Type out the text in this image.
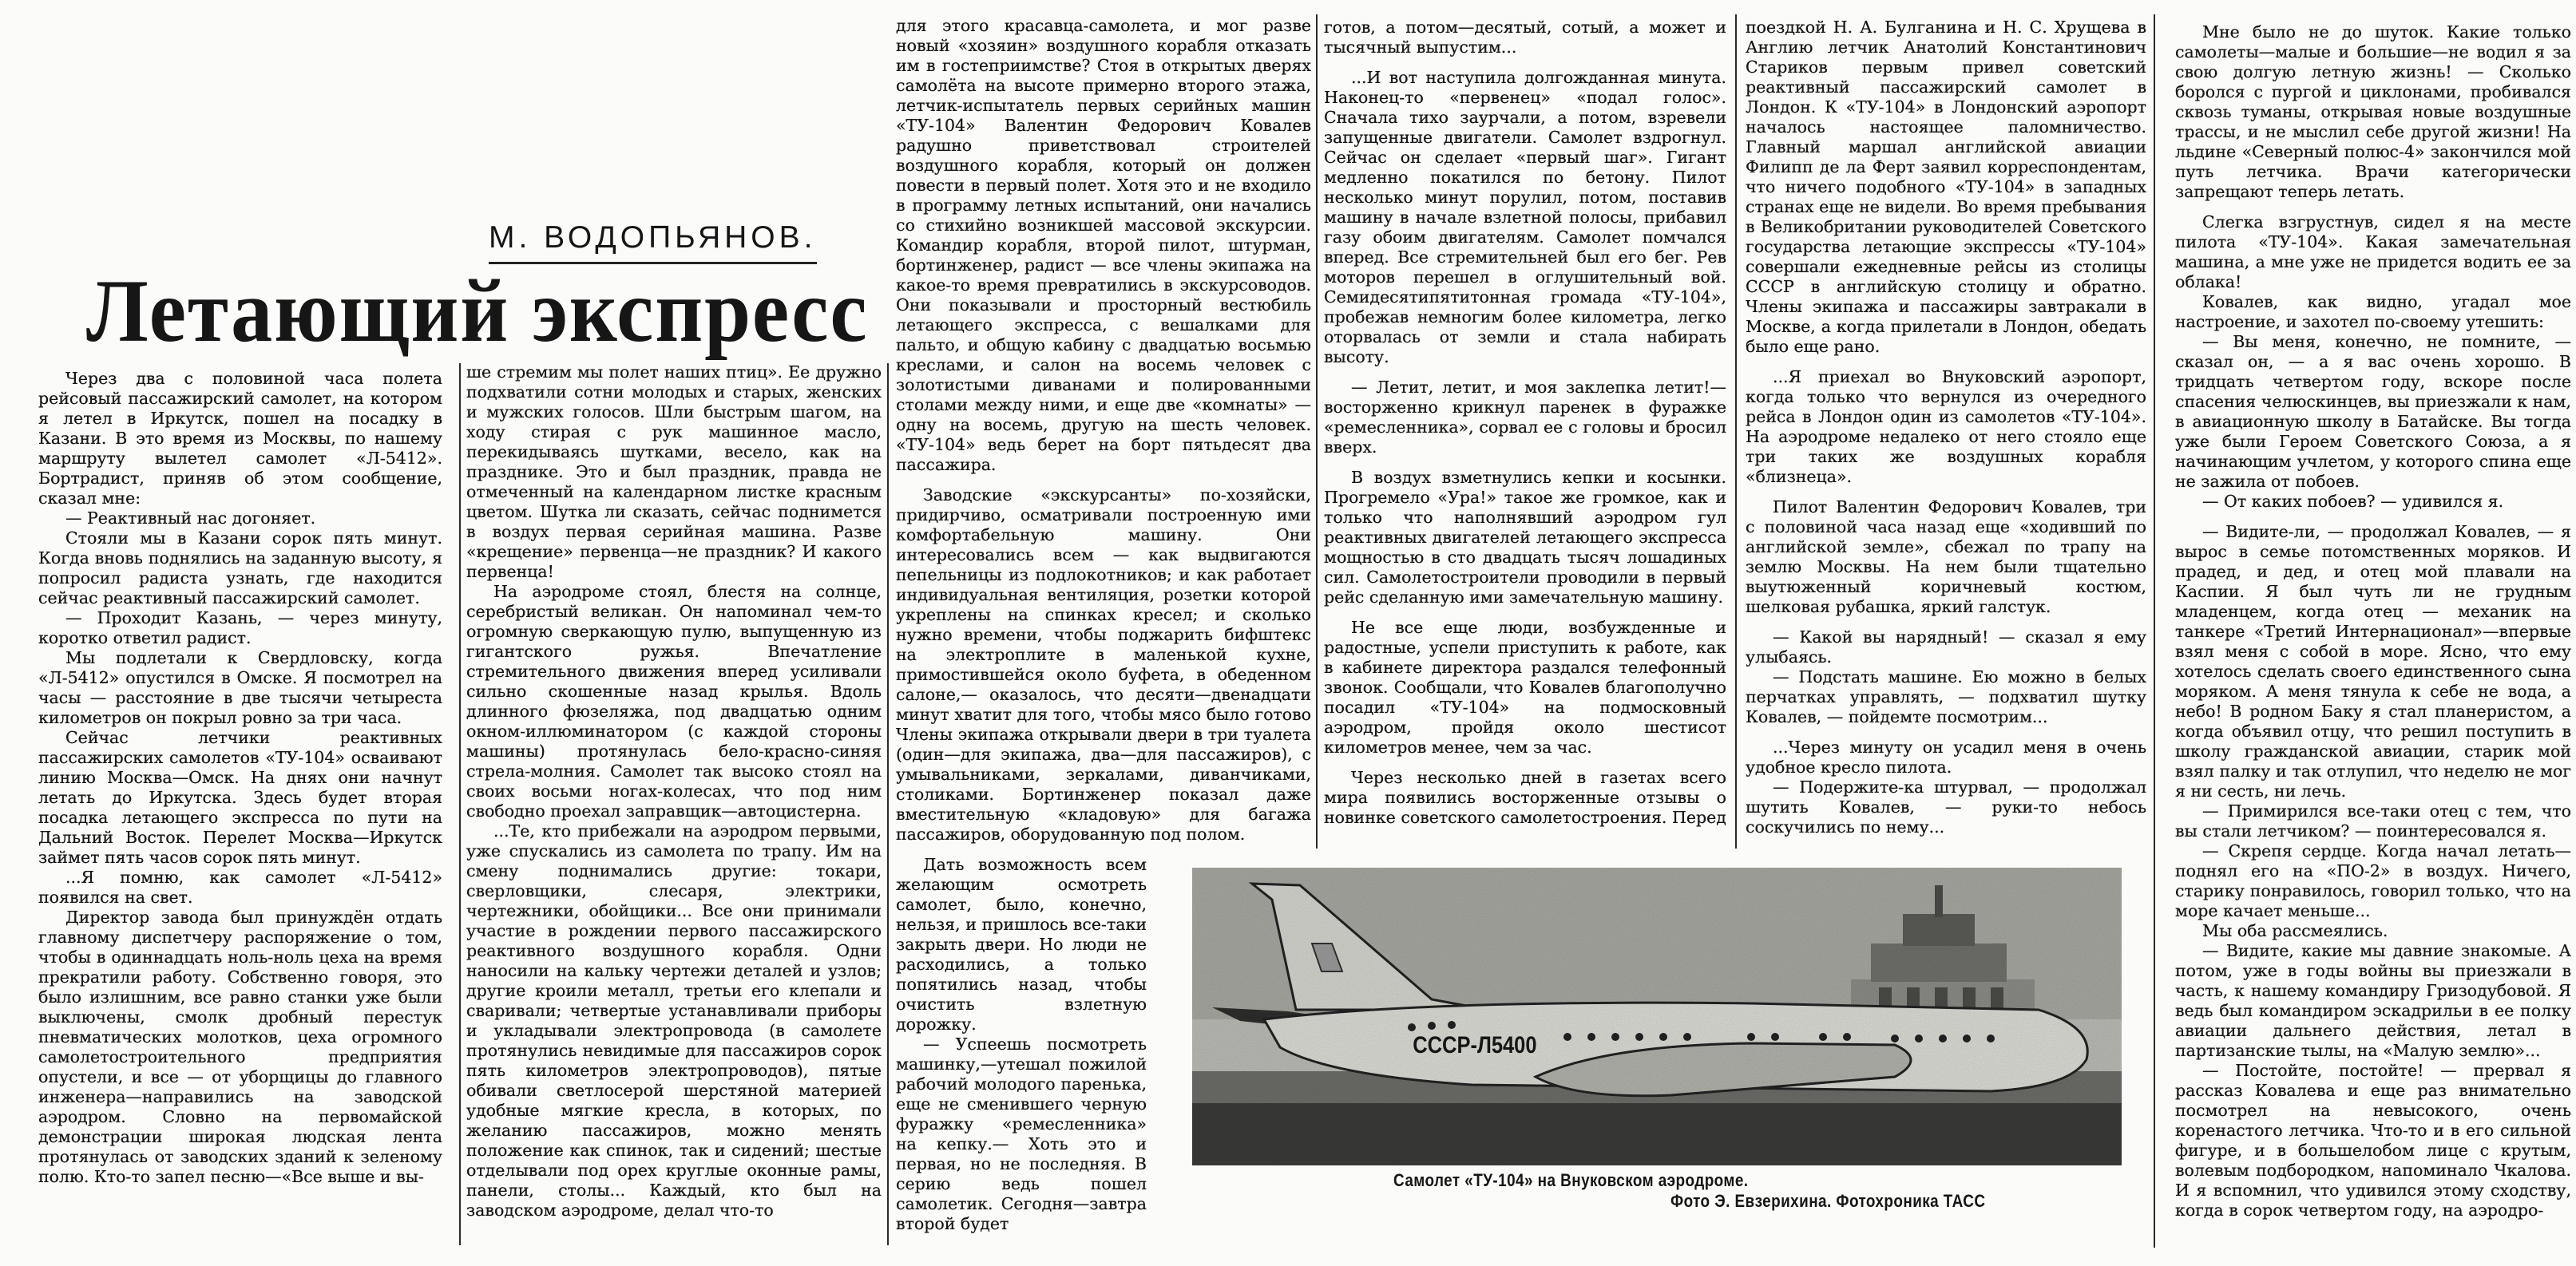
М. ВОДОПЬЯНОВ.
Летающий экспресс

Через два с половиной часа полета рейсовый пассажирский самолет, на котором я летел в Иркутск, пошел на посадку в Казани. В это время из Москвы, по нашему маршруту вылетел самолет «Л-5412». Бортрадист, приняв об этом сообщение, сказал мне:

— Реактивный нас догоняет.

Стояли мы в Казани сорок пять минут. Когда вновь поднялись на заданную высоту, я попросил радиста узнать, где находится сейчас реактивный пассажирский самолет.

— Проходит Казань, — через минуту, коротко ответил радист.

Мы подлетали к Свердловску, когда «Л-5412» опустился в Омске. Я посмотрел на часы — расстояние в две тысячи четыреста километров он покрыл ровно за три часа.

Сейчас летчики реактивных пассажирских самолетов «ТУ-104» осваивают линию Москва—Омск. На днях они начнут летать до Иркутска. Здесь будет вторая посадка летающего экспресса по пути на Дальний Восток. Перелет Москва—Иркутск займет пять часов сорок пять минут.

...Я помню, как самолет «Л-5412» появился на свет.

Директор завода был принуждён отдать главному диспетчеру распоряжение о том, чтобы в одиннадцать ноль-ноль цеха на время прекратили работу. Собственно говоря, это было излишним, все равно станки уже были выключены, смолк дробный перестук пневматических молотков, цеха огромного самолетостроительного предприятия опустели, и все — от уборщицы до главного инженера—направились на заводской аэродром. Словно на первомайской демонстрации широкая людская лента протянулась от заводских зданий к зеленому полю. Кто-то запел песню—«Все выше и вы-

ше стремим мы полет наших птиц». Ее дружно подхватили сотни молодых и старых, женских и мужских голосов. Шли быстрым шагом, на ходу стирая с рук машинное масло, перекидываясь шутками, весело, как на празднике. Это и был праздник, правда не отмеченный на календарном листке красным цветом. Шутка ли сказать, сейчас поднимется в воздух первая серийная машина. Разве «крещение» первенца—не праздник? И какого первенца!

На аэродроме стоял, блестя на солнце, серебристый великан. Он напоминал чем-то огромную сверкающую пулю, выпущенную из гигантского ружья. Впечатление стремительного движения вперед усиливали сильно скошенные назад крылья. Вдоль длинного фюзеляжа, под двадцатью одним окном-иллюминатором (с каждой стороны машины) протянулась бело-красно-синяя стрела-молния. Самолет так высоко стоял на своих восьми ногах-колесах, что под ним свободно проехал заправщик—автоцистерна.

...Те, кто прибежали на аэродром первыми, уже спускались из самолета по трапу. Им на смену поднимались другие: токари, сверловщики, слесаря, электрики, чертежники, обойщики... Все они принимали участие в рождении первого пассажирского реактивного воздушного корабля. Одни наносили на кальку чертежи деталей и узлов; другие кроили металл, третьи его клепали и сваривали; четвертые устанавливали приборы и укладывали электропровода (в самолете протянулись невидимые для пассажиров сорок пять километров электропроводов), пятые обивали светлосерой шерстяной материей удобные мягкие кресла, в которых, по желанию пассажиров, можно менять положение как спинок, так и сидений; шестые отделывали под орех круглые оконные рамы, панели, столы... Каждый, кто был на заводском аэродроме, делал что-то

для этого красавца-самолета, и мог разве новый «хозяин» воздушного корабля отказать им в гостеприимстве? Стоя в открытых дверях самолёта на высоте примерно второго этажа, летчик-испытатель первых серийных машин «ТУ-104» Валентин Федорович Ковалев радушно приветствовал строителей воздушного корабля, который он должен повести в первый полет. Хотя это и не входило в программу летных испытаний, они начались со стихийно возникшей массовой экскурсии. Командир корабля, второй пилот, штурман, бортинженер, радист — все члены экипажа на какое-то время превратились в экскурсоводов. Они показывали и просторный вестюбиль летающего экспресса, с вешалками для пальто, и общую кабину с двадцатью восьмью креслами, и салон на восемь человек с золотистыми диванами и полированными столами между ними, и еще две «комнаты» — одну на восемь, другую на шесть человек. «ТУ-104» ведь берет на борт пятьдесят два пассажира.

Заводские «экскурсанты» по-хозяйски, придирчиво, осматривали построенную ими комфортабельную машину. Они интересовались всем — как выдвигаются пепельницы из подлокотников; и как работает индивидуальная вентиляция, розетки которой укреплены на спинках кресел; и сколько нужно времени, чтобы поджарить бифштекс на электроплите в маленькой кухне, примостившейся около буфета, в обеденном салоне,— оказалось, что десяти—двенадцати минут хватит для того, чтобы мясо было готово Члены экипажа открывали двери в три туалета (один—для экипажа, два—для пассажиров), с умывальниками, зеркалами, диванчиками, столиками. Бортинженер показал даже вместительную «кладовую» для багажа пассажиров, оборудованную под полом.

Дать возможность всем желающим осмотреть самолет, было, конечно, нельзя, и пришлось все-таки закрыть двери. Но люди не расходились, а только попятились назад, чтобы очистить взлетную дорожку.

— Успеешь посмотреть машинку,—утешал пожилой рабочий молодого паренька, еще не сменившего черную фуражку «ремесленника» на кепку.— Хоть это и первая, но не последняя. В серию ведь пошел самолетик. Сегодня—завтра второй будет

готов, а потом—десятый, сотый, а может и тысячный выпустим...

...И вот наступила долгожданная минута. Наконец-то «первенец» «подал голос». Сначала тихо заурчали, а потом, взревели запущенные двигатели. Самолет вздрогнул. Сейчас он сделает «первый шаг». Гигант медленно покатился по бетону. Пилот несколько минут порулил, потом, поставив машину в начале взлетной полосы, прибавил газу обоим двигателям. Самолет помчался вперед. Все стремительней был его бег. Рев моторов перешел в оглушительный вой. Семидесятипятитонная громада «ТУ-104», пробежав немногим более километра, легко оторвалась от земли и стала набирать высоту.

— Летит, летит, и моя заклепка летит!— восторженно крикнул паренек в фуражке «ремесленника», сорвал ее с головы и бросил вверх.

В воздух взметнулись кепки и косынки. Прогремело «Ура!» такое же громкое, как и только что наполнявший аэродром гул реактивных двигателей летающего экспресса мощностью в сто двадцать тысяч лошадиных сил. Самолетостроители проводили в первый рейс сделанную ими замечательную машину.

Не все еще люди, возбужденные и радостные, успели приступить к работе, как в кабинете директора раздался телефонный звонок. Сообщали, что Ковалев благополучно посадил «ТУ-104» на подмосковный аэродром, пройдя около шестисот километров менее, чем за час.

Через несколько дней в газетах всего мира появились восторженные отзывы о новинке советского самолетостроения. Перед

поездкой Н. А. Булганина и Н. С. Хрущева в Англию летчик Анатолий Константинович Стариков первым привел советский реактивный пассажирский самолет в Лондон. К «ТУ-104» в Лондонский аэропорт началось настоящее паломничество. Главный маршал английской авиации Филипп де ла Ферт заявил корреспондентам, что ничего подобного «ТУ-104» в западных странах еще не видели. Во время пребывания в Великобритании руководителей Советского государства летающие экспрессы «ТУ-104» совершали ежедневные рейсы из столицы СССР в английскую столицу и обратно. Члены экипажа и пассажиры завтракали в Москве, а когда прилетали в Лондон, обедать было еще рано.

...Я приехал во Внуковский аэропорт, когда только что вернулся из очередного рейса в Лондон один из самолетов «ТУ-104». На аэродроме недалеко от него стояло еще три таких же воздушных корабля «близнеца».

Пилот Валентин Федорович Ковалев, три с половиной часа назад еще «ходивший по английской земле», сбежал по трапу на землю Москвы. На нем были тщательно выутюженный коричневый костюм, шелковая рубашка, яркий галстук.

— Какой вы нарядный! — сказал я ему улыбаясь.

— Подстать машине. Ею можно в белых перчатках управлять, — подхватил шутку Ковалев, — пойдемте посмотрим...

...Через минуту он усадил меня в очень удобное кресло пилота.

— Подержите-ка штурвал, — продолжал шутить Ковалев, — руки-то небось соскучились по нему...

Мне было не до шуток. Какие только самолеты—малые и большие—не водил я за свою долгую летную жизнь! — Сколько боролся с пургой и циклонами, пробивался сквозь туманы, открывая новые воздушные трассы, и не мыслил себе другой жизни! На льдине «Северный полюс-4» закончился мой путь летчика. Врачи категорически запрещают теперь летать.

Слегка взгрустнув, сидел я на месте пилота «ТУ-104». Какая замечательная машина, а мне уже не придется водить ее за облака!

Ковалев, как видно, угадал мое настроение, и захотел по-своему утешить:

— Вы меня, конечно, не помните, — сказал он, — а я вас очень хорошо. В тридцать четвертом году, вскоре после спасения челюскинцев, вы приезжали к нам, в авиационную школу в Батайске. Вы тогда уже были Героем Советского Союза, а я начинающим учлетом, у которого спина еще не зажила от побоев.

— От каких побоев? — удивился я.

— Видите-ли, — продолжал Ковалев, — я вырос в семье потомственных моряков. И прадед, и дед, и отец мой плавали на Каспии. Я был чуть ли не грудным младенцем, когда отец — механик на танкере «Третий Интернационал»—впервые взял меня с собой в море. Ясно, что ему хотелось сделать своего единственного сына моряком. А меня тянула к себе не вода, а небо! В родном Баку я стал планеристом, а когда объявил отцу, что решил поступить в школу гражданской авиации, старик мой взял палку и так отлупил, что неделю не мог я ни сесть, ни лечь.

— Примирился все-таки отец с тем, что вы стали летчиком? — поинтересовался я.

— Скрепя сердце. Когда начал летать—поднял его на «ПО-2» в воздух. Ничего, старику понравилось, говорил только, что на море качает меньше...

Мы оба рассмеялись.

— Видите, какие мы давние знакомые. А потом, уже в годы войны вы приезжали в часть, к нашему командиру Гризодубовой. Я ведь был командиром эскадрильи в ее полку авиации дальнего действия, летал в партизанские тылы, на «Малую землю»...

— Постойте, постойте! — прервал я рассказ Ковалева и еще раз внимательно посмотрел на невысокого, очень коренастого летчика. Что-то и в его сильной фигуре, и в большелобом лице с крутым, волевым подбородком, напоминало Чкалова. И я вспомнил, что удивился этому сходству, когда в сорок четвертом году, на аэродро-

СССР-Л5400
Самолет «ТУ-104» на Внуковском аэродроме.
Фото Э. Евзерихина. Фотохроника ТАСС
